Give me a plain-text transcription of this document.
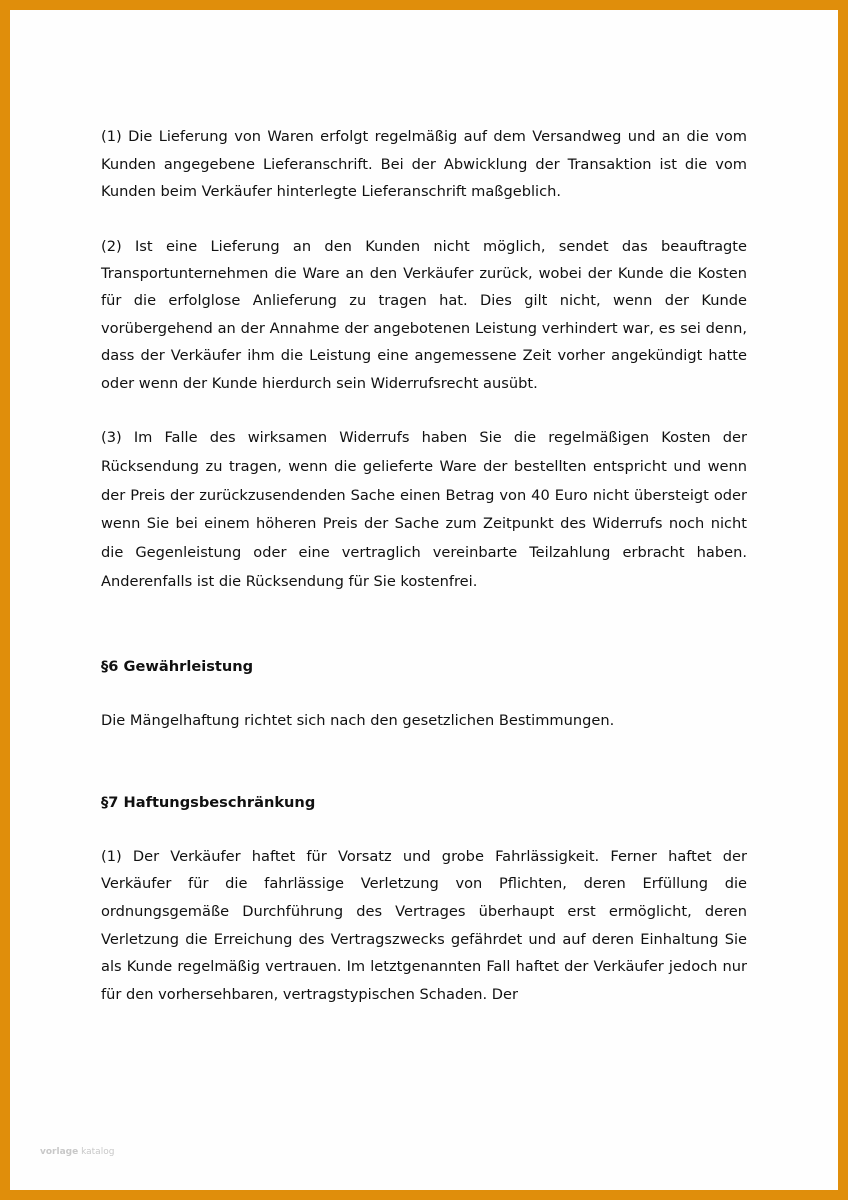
(1) Die Lieferung von Waren erfolgt regelmäßig auf dem Versandweg und an die vom Kunden angegebene Lieferanschrift. Bei der Abwicklung der Transaktion ist die vom Kunden beim Verkäufer hinterlegte Lieferanschrift maßgeblich.

(2) Ist eine Lieferung an den Kunden nicht möglich, sendet das beauftragte Transportunternehmen die Ware an den Verkäufer zurück, wobei der Kunde die Kosten für die erfolglose Anlieferung zu tragen hat. Dies gilt nicht, wenn der Kunde vorübergehend an der Annahme der angebotenen Leistung verhindert war, es sei denn, dass der Verkäufer ihm die Leistung eine angemessene Zeit vorher angekündigt hatte oder wenn der Kunde hierdurch sein Widerrufsrecht ausübt.

(3) Im Falle des wirksamen Widerrufs haben Sie die regelmäßigen Kosten der Rücksendung zu tragen, wenn die gelieferte Ware der bestellten entspricht und wenn der Preis der zurückzusendenden Sache einen Betrag von 40 Euro nicht übersteigt oder wenn Sie bei einem höheren Preis der Sache zum Zeitpunkt des Widerrufs noch nicht die Gegenleistung oder eine vertraglich vereinbarte Teilzahlung erbracht haben. Anderenfalls ist die Rücksendung für Sie kostenfrei.

§6 Gewährleistung

Die Mängelhaftung richtet sich nach den gesetzlichen Bestimmungen.

§7 Haftungsbeschränkung

(1) Der Verkäufer haftet für Vorsatz und grobe Fahrlässigkeit. Ferner haftet der Verkäufer für die fahrlässige Verletzung von Pflichten, deren Erfüllung die ordnungsgemäße Durchführung des Vertrages überhaupt erst ermöglicht, deren Verletzung die Erreichung des Vertragszwecks gefährdet und auf deren Einhaltung Sie als Kunde regelmäßig vertrauen. Im letztgenannten Fall haftet der Verkäufer jedoch nur für den vorhersehbaren, vertragstypischen Schaden. Der

vorlage katalog
